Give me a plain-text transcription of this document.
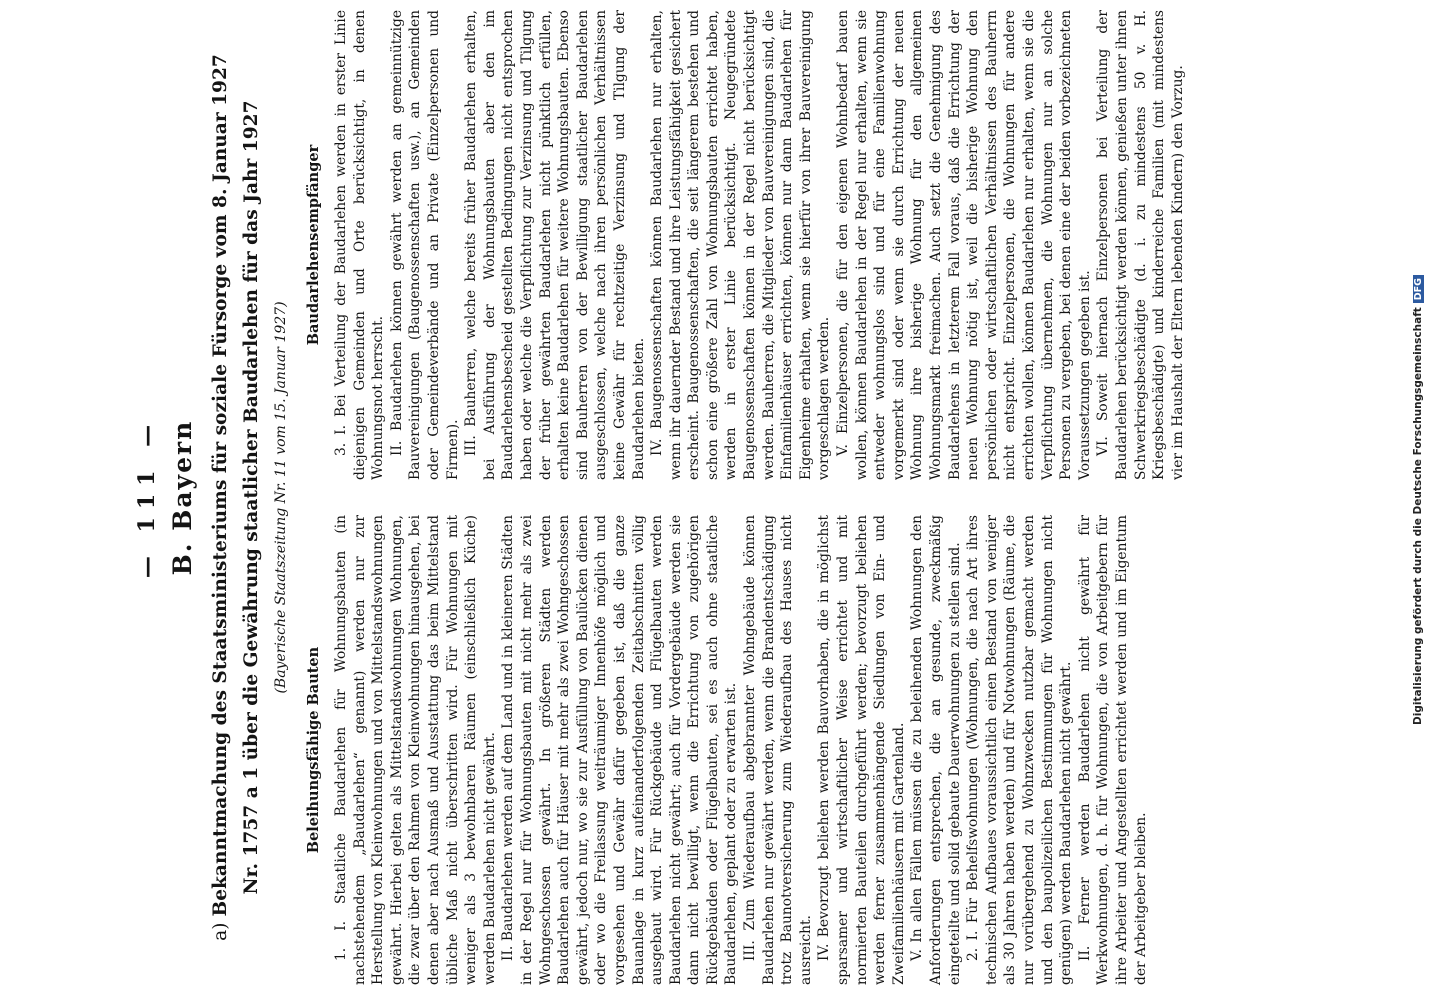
— 111 — B. Bayern

a)Bekanntmachung des Staatsministeriums für soziale Fürsorge vom 8. Januar 1927 Nr. 1757 a 1 über die Gewährung staatlicher Baudarlehen für das Jahr 1927 (Bayerische Staatszeitung Nr. 11 vom 15. Januar 1927)

Beleihungsfähige Bauten 1. I. Staatliche Baudarlehen für Wohnungsbauten (in nachstehendem „Baudarlehen“ genannt) werden nur zur Herstellung von Kleinwohnungen und von Mittelstandswohnungen gewährt. Hierbei gelten als Mittelstandswohnungen Wohnungen, die zwar über den Rahmen von Kleinwohnungen hinausgehen, bei denen aber nach Ausmaß und Ausstattung das beim Mittelstand übliche Maß nicht überschritten wird. Für Wohnungen mit weniger als 3 bewohnbaren Räumen (einschließlich Küche) werden Baudarlehen nicht gewährt. II. Baudarlehen werden auf dem Land und in kleineren Städten in der Regel nur für Wohnungsbauten mit nicht mehr als zwei Wohngeschossen gewährt. In größeren Städten werden Baudarlehen auch für Häuser mit mehr als zwei Wohngeschossen gewährt, jedoch nur, wo sie zur Ausfüllung von Baulücken dienen oder wo die Freilassung weiträumiger Innenhöfe möglich und vorgesehen und Gewähr dafür gegeben ist, daß die ganze Bauanlage in kurz aufeinanderfolgenden Zeitabschnitten völlig ausgebaut wird. Für Rückgebäude und Flügelbauten werden Baudarlehen nicht gewährt; auch für Vordergebäude werden sie dann nicht bewilligt, wenn die Errichtung von zugehörigen Rückgebäuden oder Flügelbauten, sei es auch ohne staatliche Baudarlehen, geplant oder zu erwarten ist. III. Zum Wiederaufbau abgebrannter Wohngebäude können Baudarlehen nur gewährt werden, wenn die Brandentschädigung trotz Baunotversicherung zum Wiederaufbau des Hauses nicht ausreicht. IV. Bevorzugt beliehen werden Bauvorhaben, die in möglichst sparsamer und wirtschaftlicher Weise errichtet und mit normierten Bauteilen durchgeführt werden; bevorzugt beliehen werden ferner zusammenhängende Siedlungen von Ein- und Zweifamilienhäusern mit Gartenland. V. In allen Fällen müssen die zu beleihenden Wohnungen den Anforderungen entsprechen, die an gesunde, zweckmäßig eingeteilte und solid gebaute Dauerwohnungen zu stellen sind. 2. I. Für Behelfswohnungen (Wohnungen, die nach Art ihres technischen Aufbaues voraussichtlich einen Bestand von weniger als 30 Jahren haben werden) und für Notwohnungen (Räume, die nur vorübergehend zu Wohnzwecken nutzbar gemacht werden und den baupolizeilichen Bestimmungen für Wohnungen nicht genügen) werden Baudarlehen nicht gewährt. II. Ferner werden Baudarlehen nicht gewährt für Werkwohnungen, d. h. für Wohnungen, die von Arbeitgebern für ihre Arbeiter und Angestellten errichtet werden und im Eigentum der Arbeitgeber bleiben.

Baudarlehensempfänger 3. I. Bei Verteilung der Baudarlehen werden in erster Linie diejenigen Gemeinden und Orte berücksichtigt, in denen Wohnungsnot herrscht. II. Baudarlehen können gewährt werden an gemeinnützige Bauvereinigungen (Baugenossenschaften usw.), an Gemeinden oder Gemeindeverbände und an Private (Einzelpersonen und Firmen). III. Bauherren, welche bereits früher Baudarlehen erhalten, bei Ausführung der Wohnungsbauten aber den im Baudarlehensbescheid gestellten Bedingungen nicht entsprochen haben oder welche die Verpflichtung zur Verzinsung und Tilgung der früher gewährten Baudarlehen nicht pünktlich erfüllen, erhalten keine Baudarlehen für weitere Wohnungsbauten. Ebenso sind Bauherren von der Bewilligung staatlicher Baudarlehen ausgeschlossen, welche nach ihren persönlichen Verhältnissen keine Gewähr für rechtzeitige Verzinsung und Tilgung der Baudarlehen bieten. IV. Baugenossenschaften können Baudarlehen nur erhalten, wenn ihr dauernder Bestand und ihre Leistungsfähigkeit gesichert erscheint. Baugenossenschaften, die seit längerem bestehen und schon eine größere Zahl von Wohnungsbauten errichtet haben, werden in erster Linie berücksichtigt. Neugegründete Baugenossenschaften können in der Regel nicht berücksichtigt werden. Bauherren, die Mitglieder von Bauvereinigungen sind, die Einfamilienhäuser errichten, können nur dann Baudarlehen für Eigenheime erhalten, wenn sie hierfür von ihrer Bauvereinigung vorgeschlagen werden. V. Einzelpersonen, die für den eigenen Wohnbedarf bauen wollen, können Baudarlehen in der Regel nur erhalten, wenn sie entweder wohnungslos sind und für eine Familienwohnung vorgemerkt sind oder wenn sie durch Errichtung der neuen Wohnung ihre bisherige Wohnung für den allgemeinen Wohnungsmarkt freimachen. Auch setzt die Genehmigung des Baudarlehens in letzterem Fall voraus, daß die Errichtung der neuen Wohnung nötig ist, weil die bisherige Wohnung den persönlichen oder wirtschaftlichen Verhältnissen des Bauherrn nicht entspricht. Einzelpersonen, die Wohnungen für andere errichten wollen, können Baudarlehen nur erhalten, wenn sie die Verpflichtung übernehmen, die Wohnungen nur an solche Personen zu vergeben, bei denen eine der beiden vorbezeichneten Voraussetzungen gegeben ist. VI. Soweit hiernach Einzelpersonen bei Verteilung der Baudarlehen berücksichtigt werden können, genießen unter ihnen Schwerkriegsbeschädigte (d. i. zu mindestens 50 v. H. Kriegsbeschädigte) und kinderreiche Familien (mit mindestens vier im Haushalt der Eltern lebenden Kindern) den Vorzug.

Digitalisierung gefördert durch die Deutsche ForschungsgemeinschaftDFG
